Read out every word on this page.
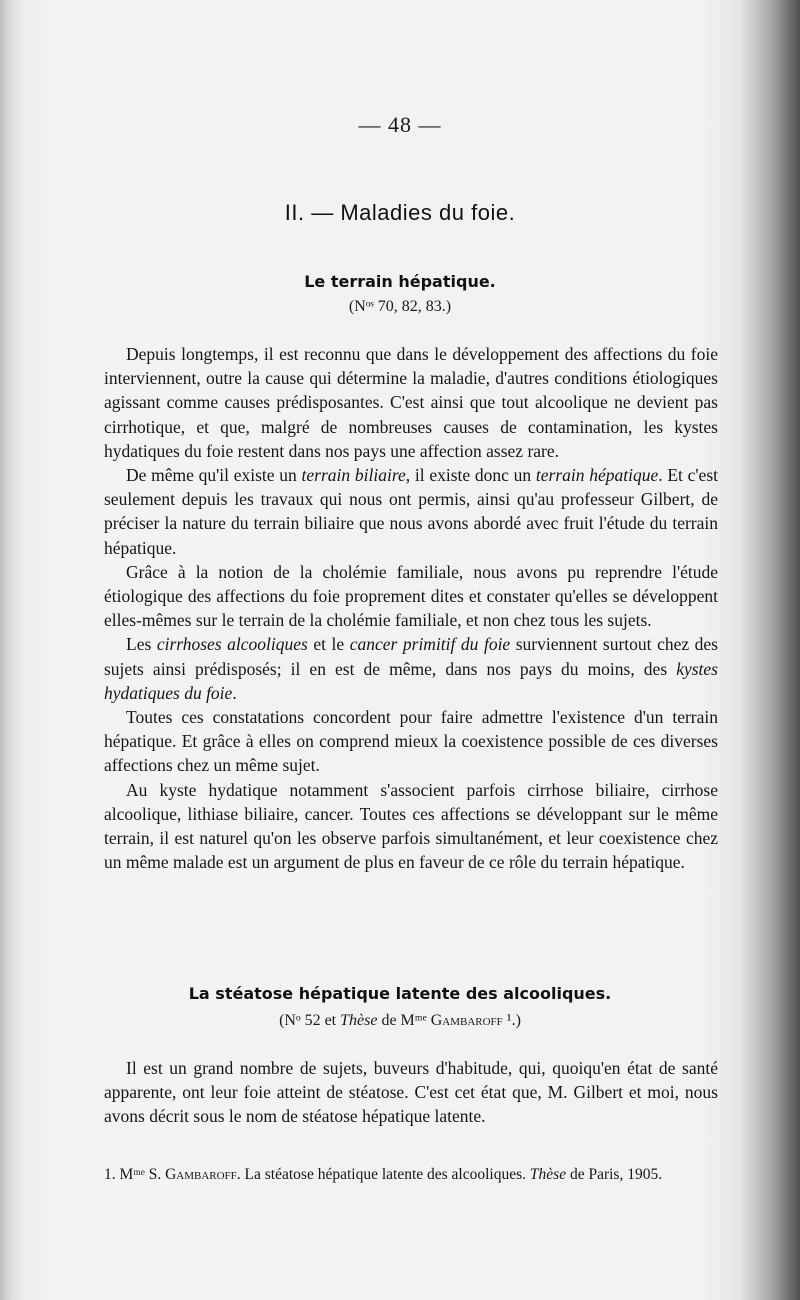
— 48 —
II. — Maladies du foie.
Le terrain hépatique.
(Nᵒˢ 70, 82, 83.)

Depuis longtemps, il est reconnu que dans le développement des affections du foie interviennent, outre la cause qui détermine la maladie, d'autres conditions étiologiques agissant comme causes prédisposantes. C'est ainsi que tout alcoolique ne devient pas cirrhotique, et que, malgré de nombreuses causes de contamination, les kystes hydatiques du foie restent dans nos pays une affection assez rare.

De même qu'il existe un terrain biliaire, il existe donc un terrain hépatique. Et c'est seulement depuis les travaux qui nous ont permis, ainsi qu'au professeur Gilbert, de préciser la nature du terrain biliaire que nous avons abordé avec fruit l'étude du terrain hépatique.

Grâce à la notion de la cholémie familiale, nous avons pu reprendre l'étude étiologique des affections du foie proprement dites et constater qu'elles se développent elles-mêmes sur le terrain de la cholémie familiale, et non chez tous les sujets.

Les cirrhoses alcooliques et le cancer primitif du foie surviennent surtout chez des sujets ainsi prédisposés; il en est de même, dans nos pays du moins, des kystes hydatiques du foie.

Toutes ces constatations concordent pour faire admettre l'existence d'un terrain hépatique. Et grâce à elles on comprend mieux la coexistence possible de ces diverses affections chez un même sujet.

Au kyste hydatique notamment s'associent parfois cirrhose biliaire, cirrhose alcoolique, lithiase biliaire, cancer. Toutes ces affections se développant sur le même terrain, il est naturel qu'on les observe parfois simultanément, et leur coexistence chez un même malade est un argument de plus en faveur de ce rôle du terrain hépatique.

La stéatose hépatique latente des alcooliques.
(Nᵒ 52 et Thèse de Mᵐᵉ Gambaroff ¹.)

Il est un grand nombre de sujets, buveurs d'habitude, qui, quoiqu'en état de santé apparente, ont leur foie atteint de stéatose. C'est cet état que, M. Gilbert et moi, nous avons décrit sous le nom de stéatose hépatique latente.

1. Mᵐᵉ S. Gambaroff. La stéatose hépatique latente des alcooliques. Thèse de Paris, 1905.
